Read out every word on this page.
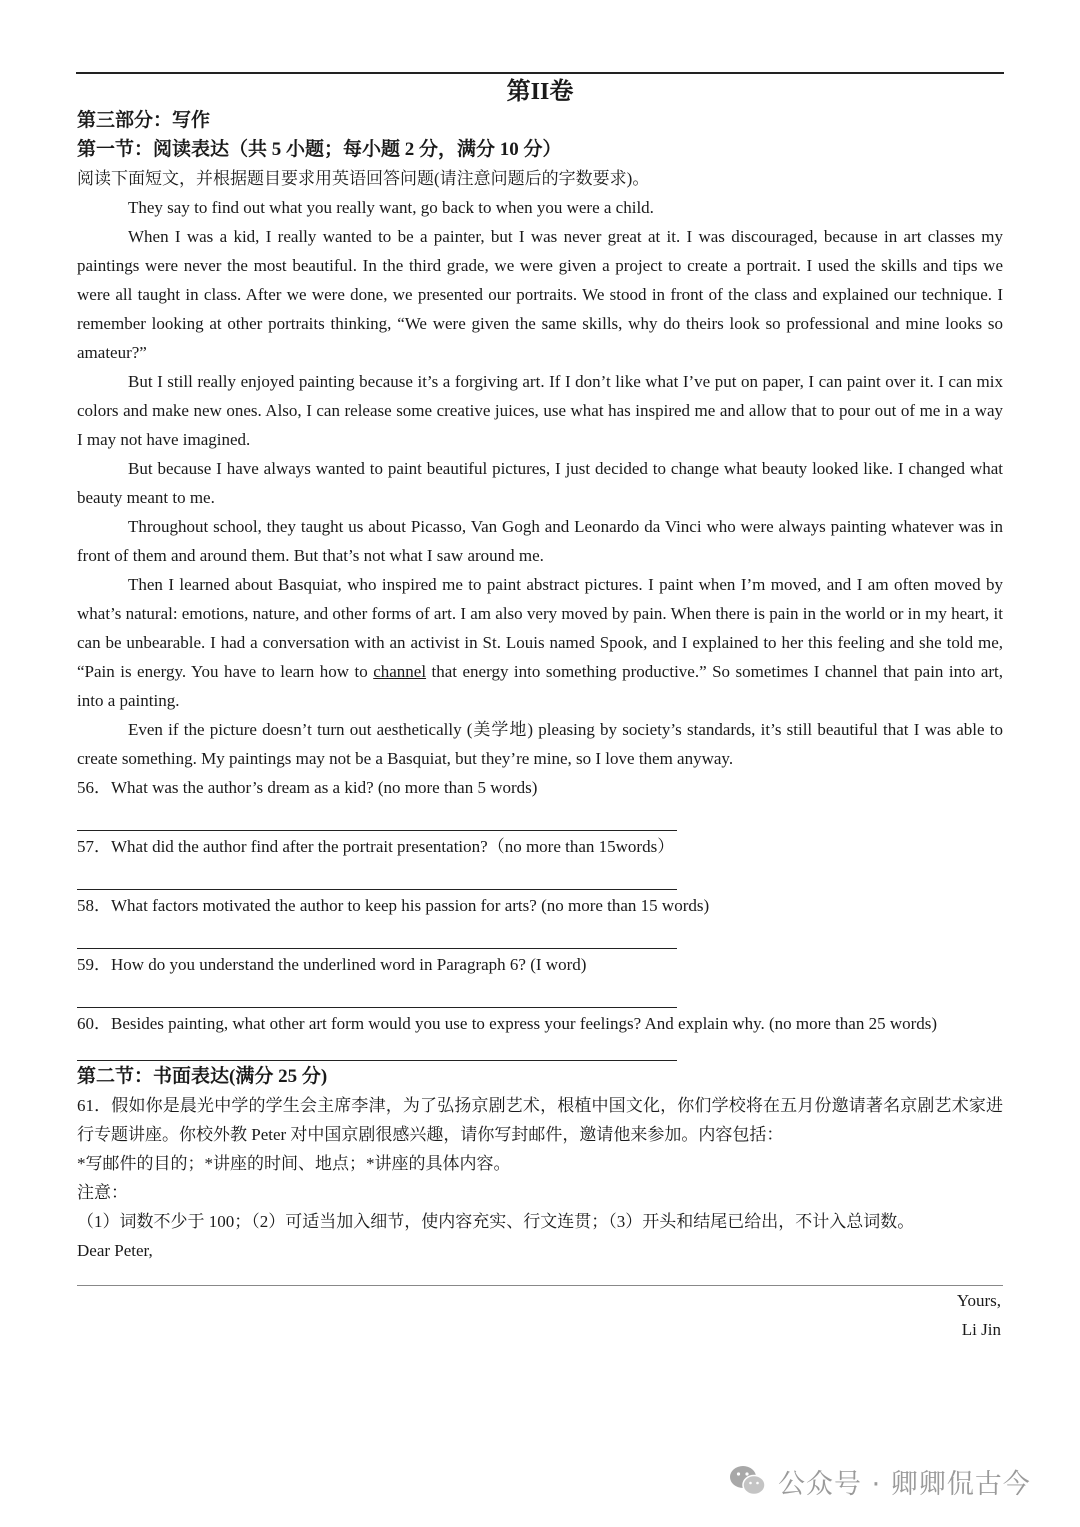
第II卷
第三部分：写作
第一节：阅读表达（共 5 小题；每小题 2 分，满分 10 分）
阅读下面短文，并根据题目要求用英语回答问题(请注意问题后的字数要求)。
They say to find out what you really want, go back to when you were a child.
When I was a kid, I really wanted to be a painter, but I was never great at it. I was discouraged, because in art classes my paintings were never the most beautiful. In the third grade, we were given a project to create a portrait. I used the skills and tips we were all taught in class. After we were done, we presented our portraits. We stood in front of the class and explained our technique. I remember looking at other portraits thinking, “We were given the same skills, why do theirs look so professional and mine looks so amateur?”
But I still really enjoyed painting because it’s a forgiving art. If I don’t like what I’ve put on paper, I can paint over it. I can mix colors and make new ones. Also, I can release some creative juices, use what has inspired me and allow that to pour out of me in a way I may not have imagined.
But because I have always wanted to paint beautiful pictures, I just decided to change what beauty looked like. I changed what beauty meant to me.
Throughout school, they taught us about Picasso, Van Gogh and Leonardo da Vinci who were always painting whatever was in front of them and around them. But that’s not what I saw around me.
Then I learned about Basquiat, who inspired me to paint abstract pictures. I paint when I’m moved, and I am often moved by what’s natural: emotions, nature, and other forms of art. I am also very moved by pain. When there is pain in the world or in my heart, it can be unbearable. I had a conversation with an activist in St. Louis named Spook, and I explained to her this feeling and she told me, “Pain is energy. You have to learn how to channel that energy into something productive.” So sometimes I channel that pain into art, into a painting.
Even if the picture doesn’t turn out aesthetically (美学地) pleasing by society’s standards, it’s still beautiful that I was able to create something. My paintings may not be a Basquiat, but they’re mine, so I love them anyway.
56．What was the author’s dream as a kid? (no more than 5 words)
57．What did the author find after the portrait presentation?（no more than 15words）
58．What factors motivated the author to keep his passion for arts? (no more than 15 words)
59．How do you understand the underlined word in Paragraph 6? (I word)
60．Besides painting, what other art form would you use to express your feelings? And explain why. (no more than 25 words)
第二节：书面表达(满分 25 分)
61．假如你是晨光中学的学生会主席李津，为了弘扬京剧艺术，根植中国文化，你们学校将在五月份邀请著名京剧艺术家进行专题讲座。你校外教 Peter 对中国京剧很感兴趣，请你写封邮件，邀请他来参加。内容包括：
*写邮件的目的；*讲座的时间、地点；*讲座的具体内容。
注意：
（1）词数不少于 100；（2）可适当加入细节，使内容充实、行文连贯；（3）开头和结尾已给出，不计入总词数。
Dear Peter,
Yours,
Li Jin
公众号 · 卿卿侃古今
